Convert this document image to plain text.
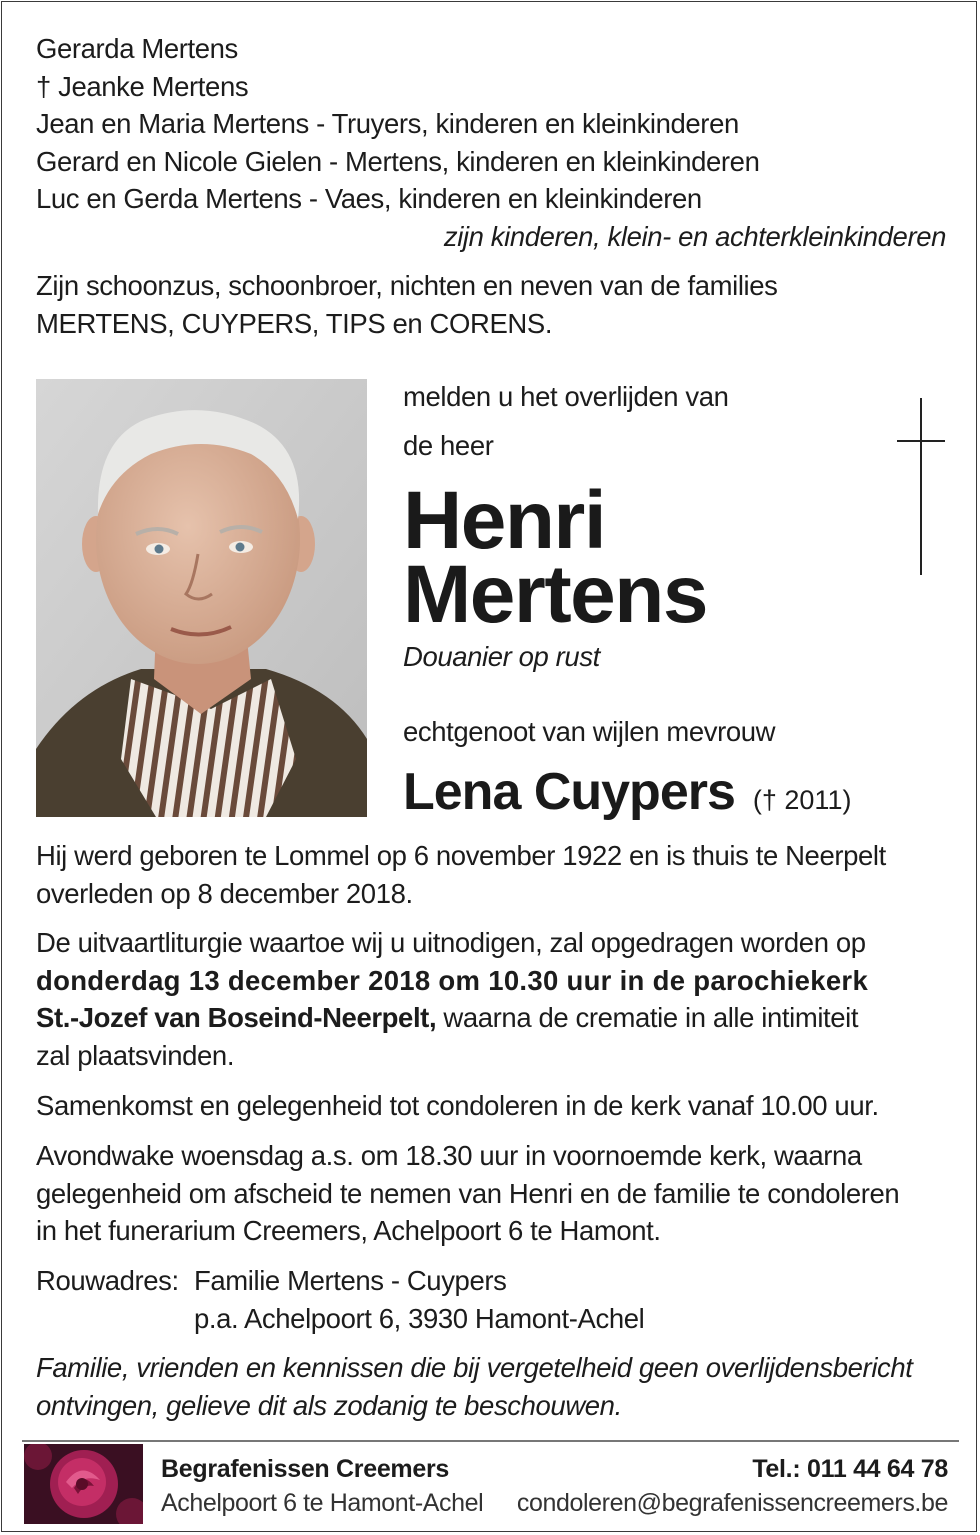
Gerarda Mertens
† Jeanke Mertens
Jean en Maria Mertens - Truyers, kinderen en kleinkinderen
Gerard en Nicole Gielen - Mertens, kinderen en kleinkinderen
Luc en Gerda Mertens - Vaes, kinderen en kleinkinderen
zijn kinderen, klein- en achterkleinkinderen
Zijn schoonzus, schoonbroer, nichten en neven van de families
MERTENS, CUYPERS, TIPS en CORENS.
melden u het overlijden van
de heer
Henri
Mertens
Douanier op rust
echtgenoot van wijlen mevrouw
Lena Cuypers († 2011)
Hij werd geboren te Lommel op 6 november 1922 en is thuis te Neerpelt
overleden op 8 december 2018.
De uitvaartliturgie waartoe wij u uitnodigen, zal opgedragen worden op
donderdag 13 december 2018 om 10.30 uur in de parochiekerk
St.-Jozef van Boseind-Neerpelt, waarna de crematie in alle intimiteit
zal plaatsvinden.
Samenkomst en gelegenheid tot condoleren in de kerk vanaf 10.00 uur.
Avondwake woensdag a.s. om 18.30 uur in voornoemde kerk, waarna
gelegenheid om afscheid te nemen van Henri en de familie te condoleren
in het funerarium Creemers, Achelpoort 6 te Hamont.
Rouwadres: Familie Mertens - Cuypers
p.a. Achelpoort 6, 3930 Hamont-Achel
Familie, vrienden en kennissen die bij vergetelheid geen overlijdensbericht
ontvingen, gelieve dit als zodanig te beschouwen.
Begrafenissen Creemers
Achelpoort 6 te Hamont-Achel
Tel.: 011 44 64 78
condoleren@begrafenissencreemers.be
